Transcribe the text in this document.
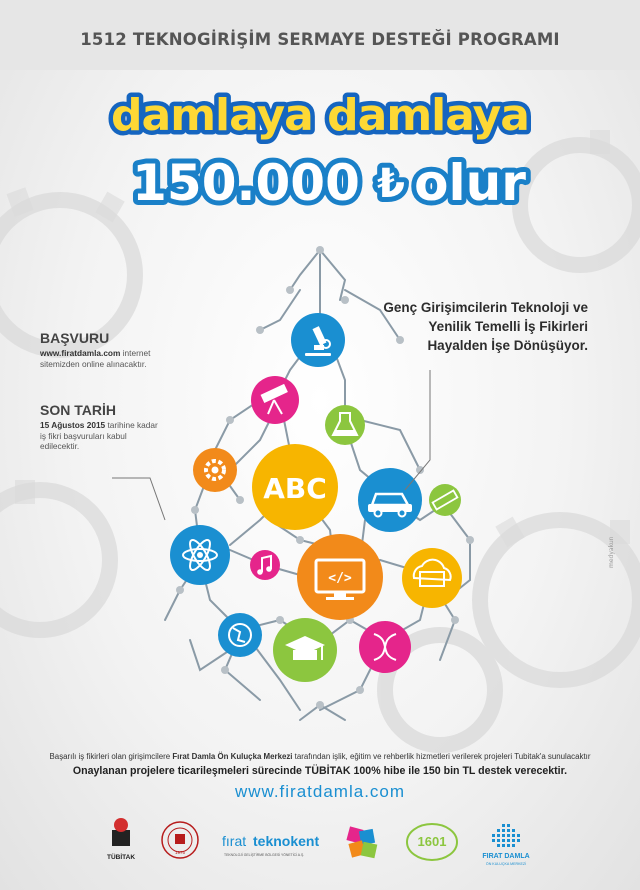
1512 TEKNOGİRİŞİM SERMAYE DESTEĞİ PROGRAMI
damlaya damlaya
150.000 ₺ olur
Genç Girişimcilerin Teknoloji ve
Yenilik Temelli İş Fikirleri
Hayalden İşe Dönüşüyor.
BAŞVURU

www.firatdamla.com internet
sitemizden online alınacaktır.

SON TARİH

15 Ağustos 2015 tarihine kadar
iş fikri başvuruları kabul
edilecektir.

ABC
</>
medyakun
Başarılı iş fikirleri olan girişimcilere Fırat Damla Ön Kuluçka Merkezi tarafından işlik, eğitim ve rehberlik hizmetleri verilerek projeleri Tubitak'a sunulacaktır
Onaylanan projelere ticarileşmeleri sürecinde TÜBİTAK 100% hibe ile 150 bin TL destek verecektir.
www.firatdamla.com
TÜBİTAK
1975
fırat teknokent
TEKNOLOJİ GELİŞTİRME BÖLGESİ YÖNETİCİ A.Ş.
1601
FIRAT DAMLA
ÖN KULUÇKA MERKEZİ
